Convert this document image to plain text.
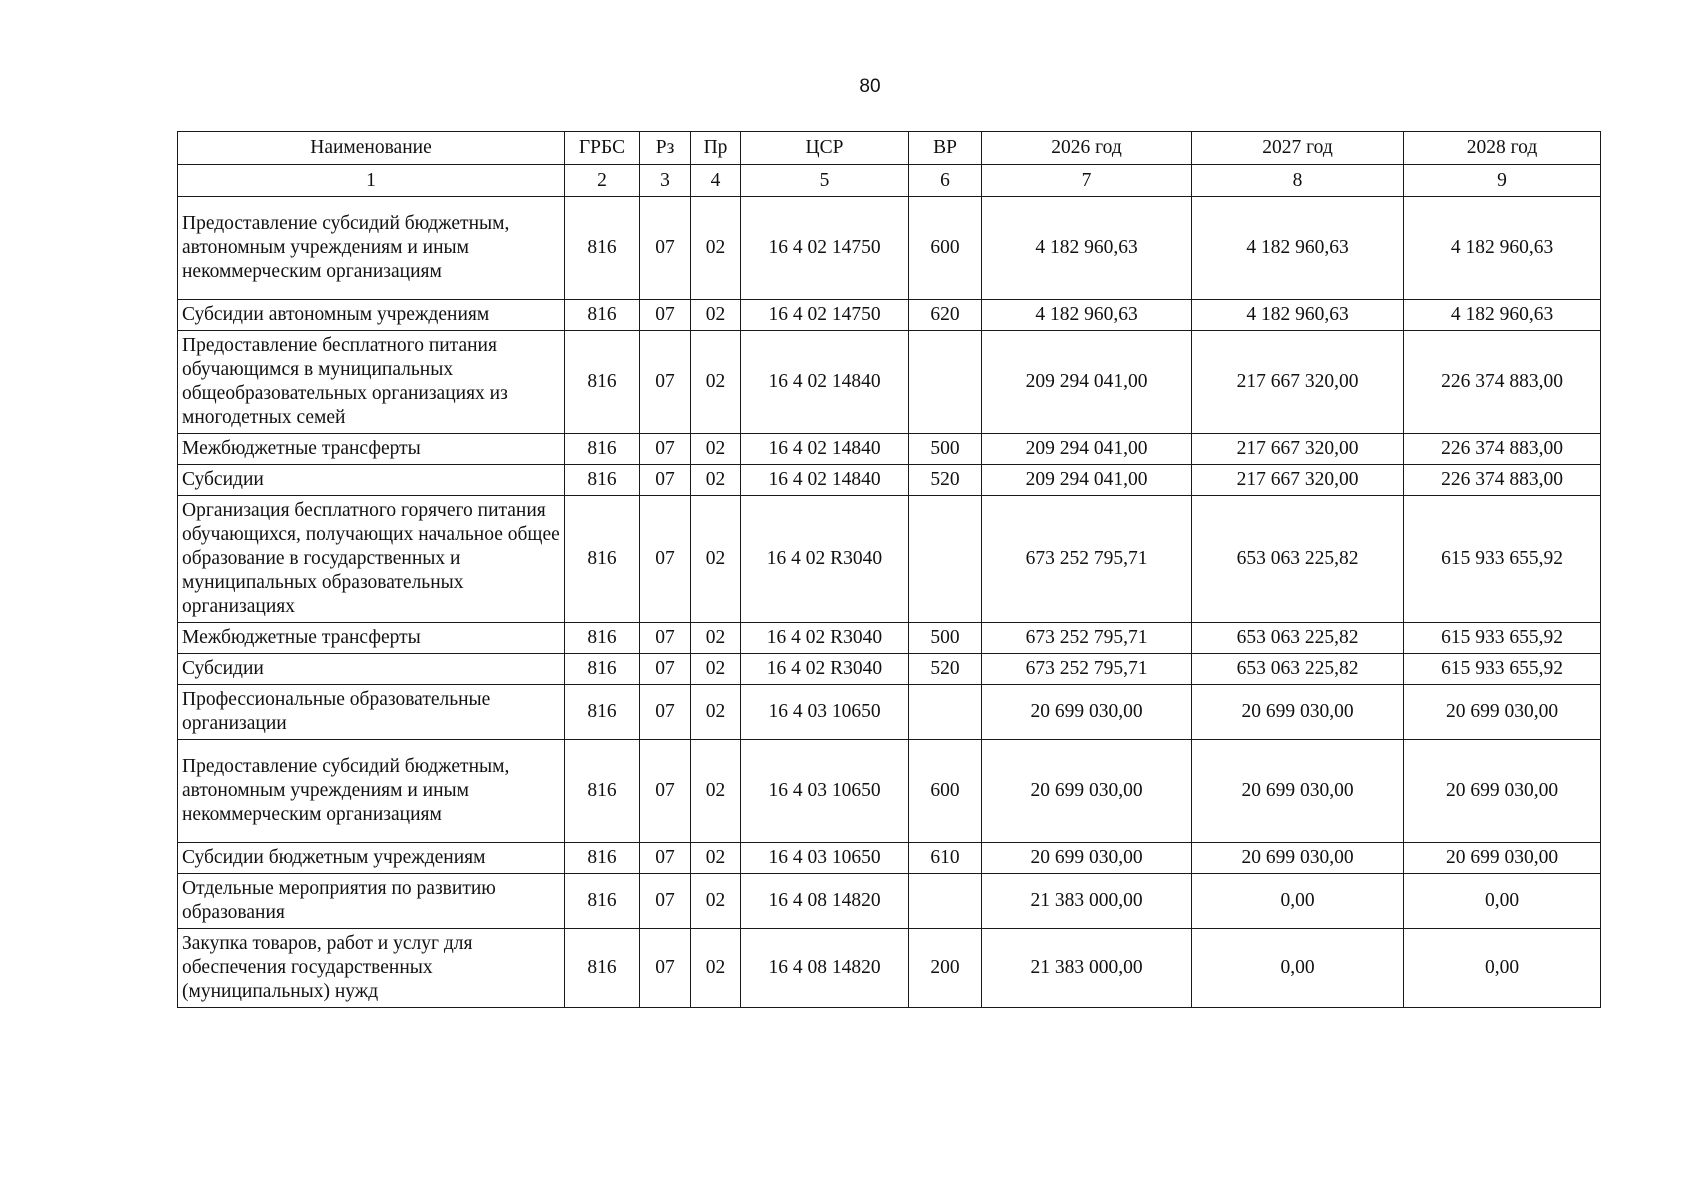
80
Наименование	ГРБС	Рз	Пр	ЦСР	ВР	2026 год	2027 год	2028 год
1	2	3	4	5	6	7	8	9
Предоставление субсидий бюджетным, автономным учреждениям и иным некоммерческим организациям	816	07	02	16 4 02 14750	600	4 182 960,63	4 182 960,63	4 182 960,63
Субсидии автономным учреждениям	816	07	02	16 4 02 14750	620	4 182 960,63	4 182 960,63	4 182 960,63
Предоставление бесплатного питания обучающимся в муниципальных общеобразовательных организациях из многодетных семей	816	07	02	16 4 02 14840		209 294 041,00	217 667 320,00	226 374 883,00
Межбюджетные трансферты	816	07	02	16 4 02 14840	500	209 294 041,00	217 667 320,00	226 374 883,00
Субсидии	816	07	02	16 4 02 14840	520	209 294 041,00	217 667 320,00	226 374 883,00
Организация бесплатного горячего питания обучающихся, получающих начальное общее образование в государственных и муниципальных образовательных организациях	816	07	02	16 4 02 R3040		673 252 795,71	653 063 225,82	615 933 655,92
Межбюджетные трансферты	816	07	02	16 4 02 R3040	500	673 252 795,71	653 063 225,82	615 933 655,92
Субсидии	816	07	02	16 4 02 R3040	520	673 252 795,71	653 063 225,82	615 933 655,92
Профессиональные образовательные организации	816	07	02	16 4 03 10650		20 699 030,00	20 699 030,00	20 699 030,00
Предоставление субсидий бюджетным, автономным учреждениям и иным некоммерческим организациям	816	07	02	16 4 03 10650	600	20 699 030,00	20 699 030,00	20 699 030,00
Субсидии бюджетным учреждениям	816	07	02	16 4 03 10650	610	20 699 030,00	20 699 030,00	20 699 030,00
Отдельные мероприятия по развитию образования	816	07	02	16 4 08 14820		21 383 000,00	0,00	0,00
Закупка товаров, работ и услуг для обеспечения государственных (муниципальных) нужд	816	07	02	16 4 08 14820	200	21 383 000,00	0,00	0,00
